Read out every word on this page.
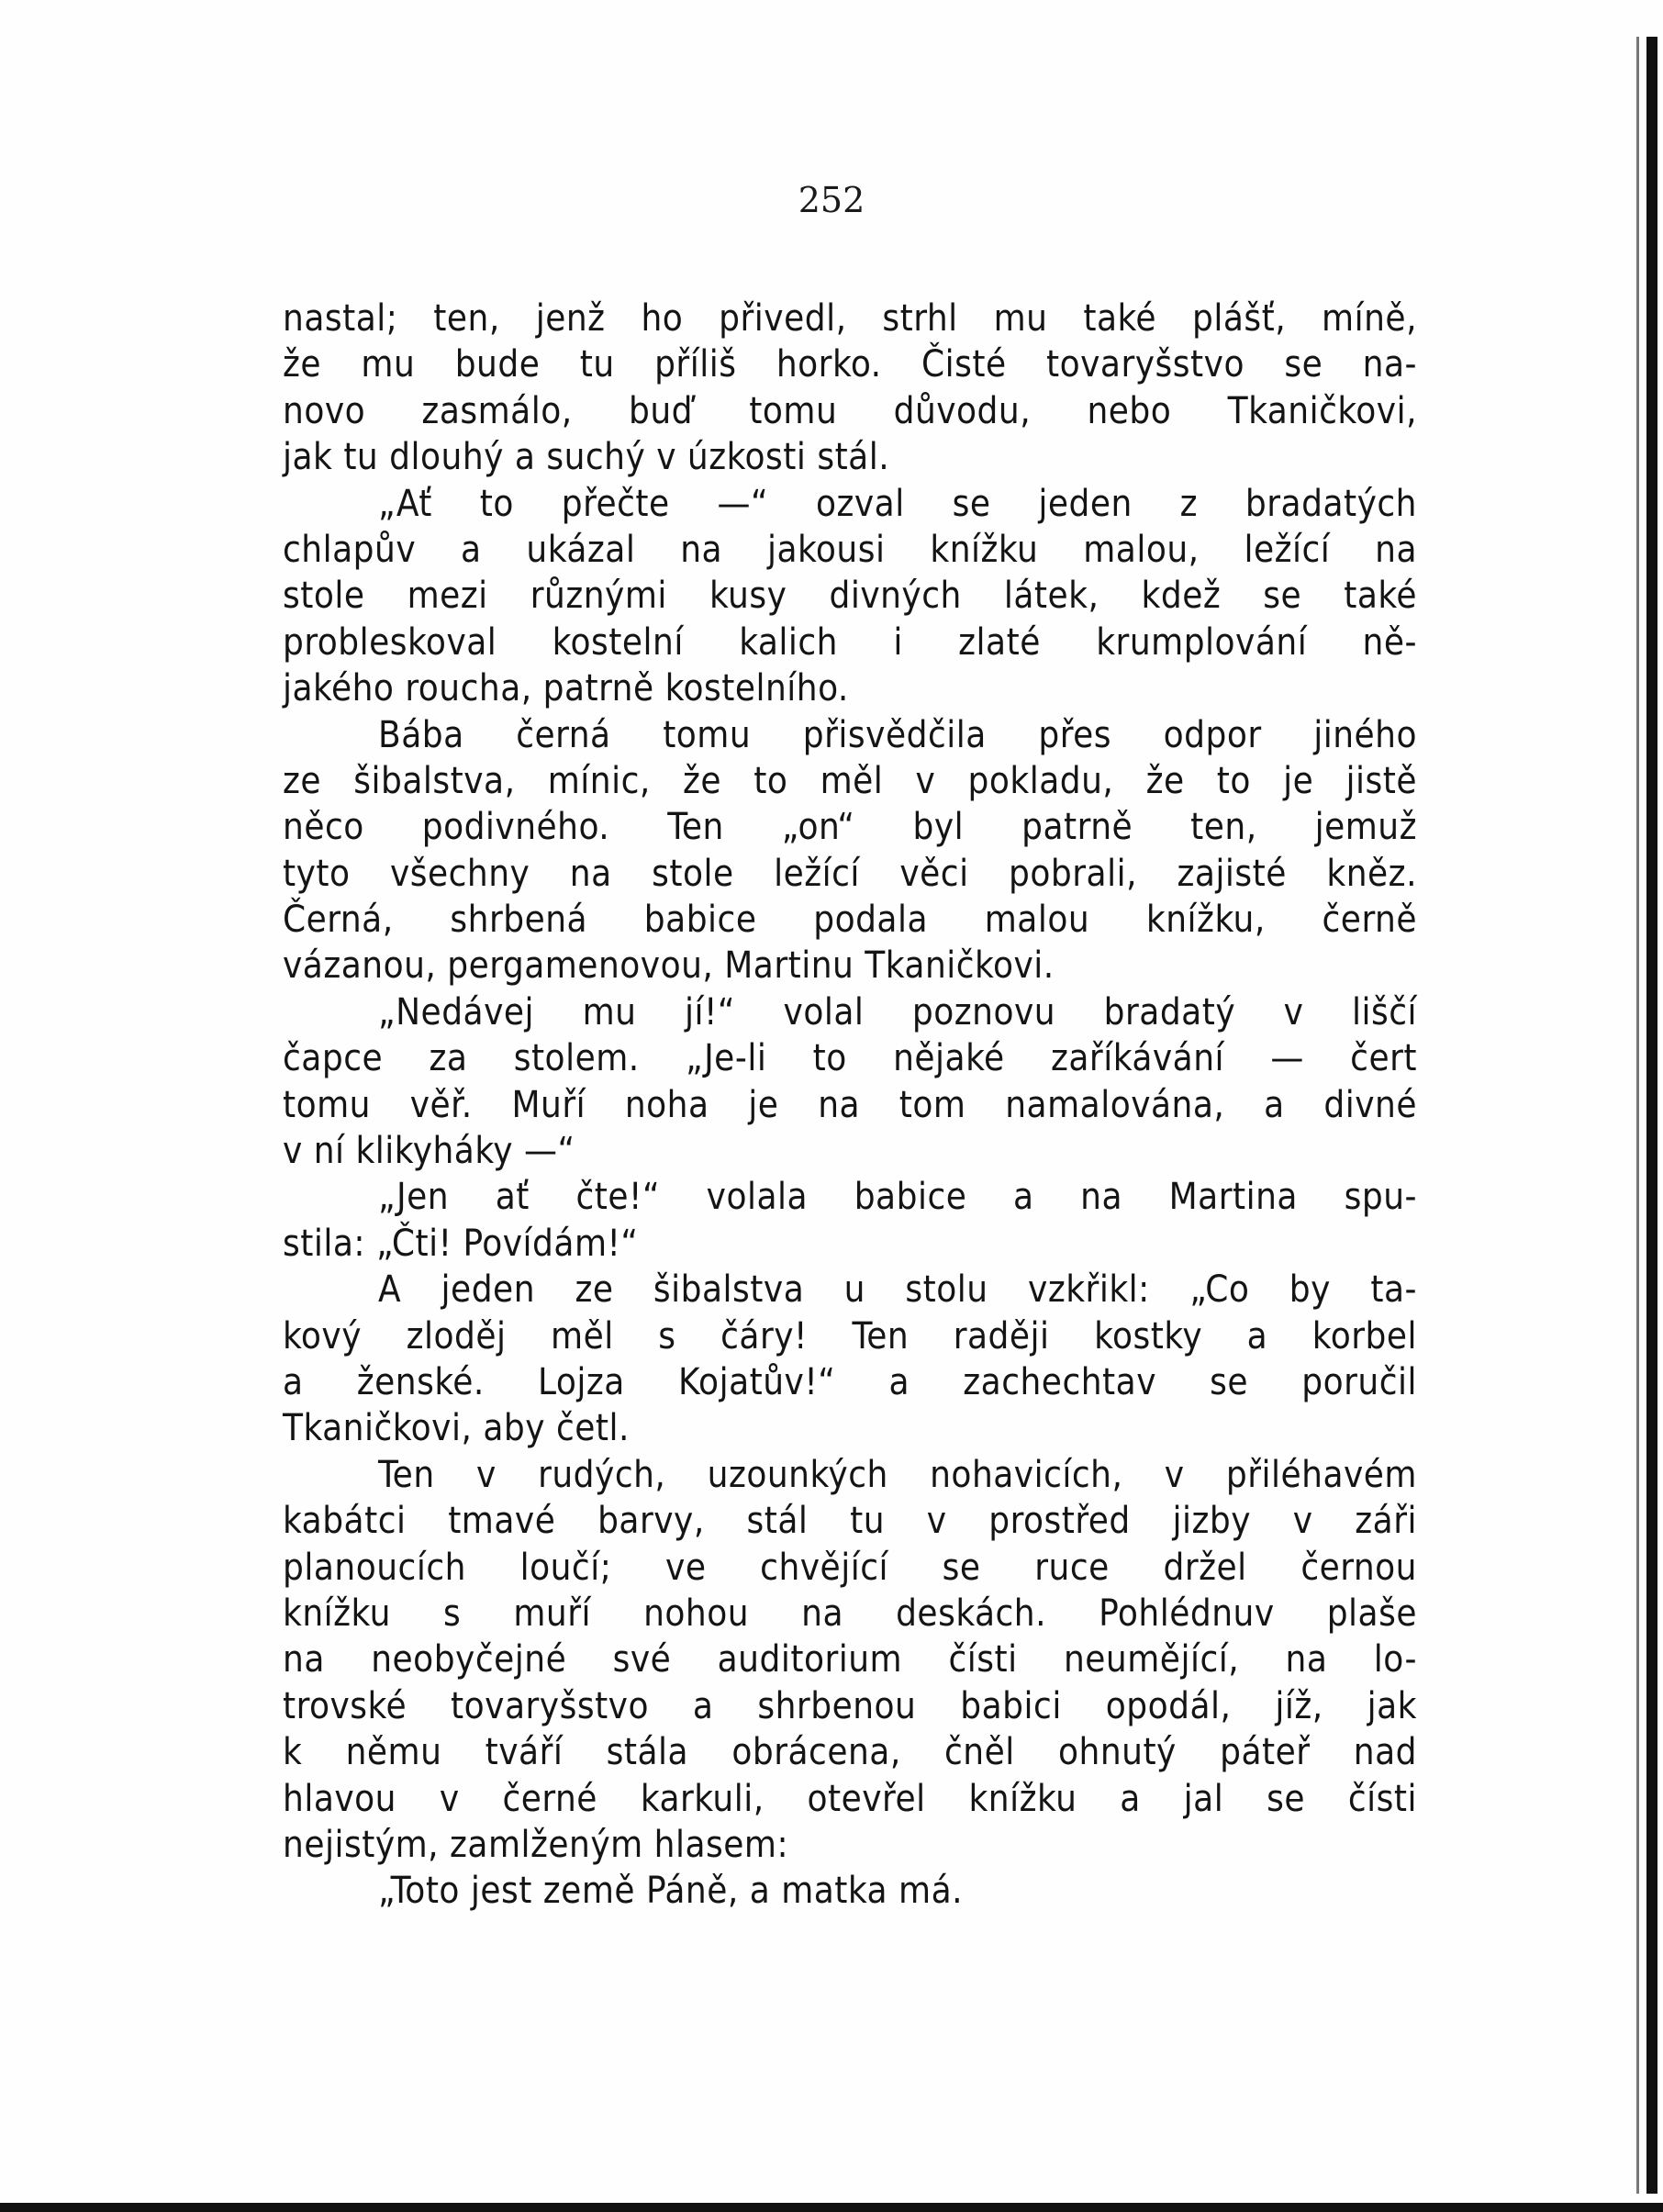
252
nastal; ten, jenž ho přivedl, strhl mu také plášť, míně,
že mu bude tu příliš horko. Čisté tovaryšstvo se na-
novo zasmálo, buď tomu důvodu, nebo Tkaničkovi,
jak tu dlouhý a suchý v úzkosti stál.
„Ať to přečte —“ ozval se jeden z bradatých
chlapův a ukázal na jakousi knížku malou, ležící na
stole mezi různými kusy divných látek, kdež se také
probleskoval kostelní kalich i zlaté krumplování ně-
jakého roucha, patrně kostelního.
Bába černá tomu přisvědčila přes odpor jiného
ze šibalstva, mínic, že to měl v pokladu, že to je jistě
něco podivného. Ten „on“ byl patrně ten, jemuž
tyto všechny na stole ležící věci pobrali, zajisté kněz.
Černá, shrbená babice podala malou knížku, černě
vázanou, pergamenovou, Martinu Tkaničkovi.
„Nedávej mu jí!“ volal poznovu bradatý v liščí
čapce za stolem. „Je-li to nějaké zaříkávání — čert
tomu věř. Muří noha je na tom namalována, a divné
v ní klikyháky —“
„Jen ať čte!“ volala babice a na Martina spu-
stila: „Čti! Povídám!“
A jeden ze šibalstva u stolu vzkřikl: „Co by ta-
kový zloděj měl s čáry! Ten raději kostky a korbel
a ženské. Lojza Kojatův!“ a zachechtav se poručil
Tkaničkovi, aby četl.
Ten v rudých, uzounkých nohavicích, v přiléhavém
kabátci tmavé barvy, stál tu v prostřed jizby v záři
planoucích loučí; ve chvějící se ruce držel černou
knížku s muří nohou na deskách. Pohlédnuv plaše
na neobyčejné své auditorium čísti neumějící, na lo-
trovské tovaryšstvo a shrbenou babici opodál, jíž, jak
k němu tváří stála obrácena, čněl ohnutý páteř nad
hlavou v černé karkuli, otevřel knížku a jal se čísti
nejistým, zamlženým hlasem:
„Toto jest země Páně, a matka má.
